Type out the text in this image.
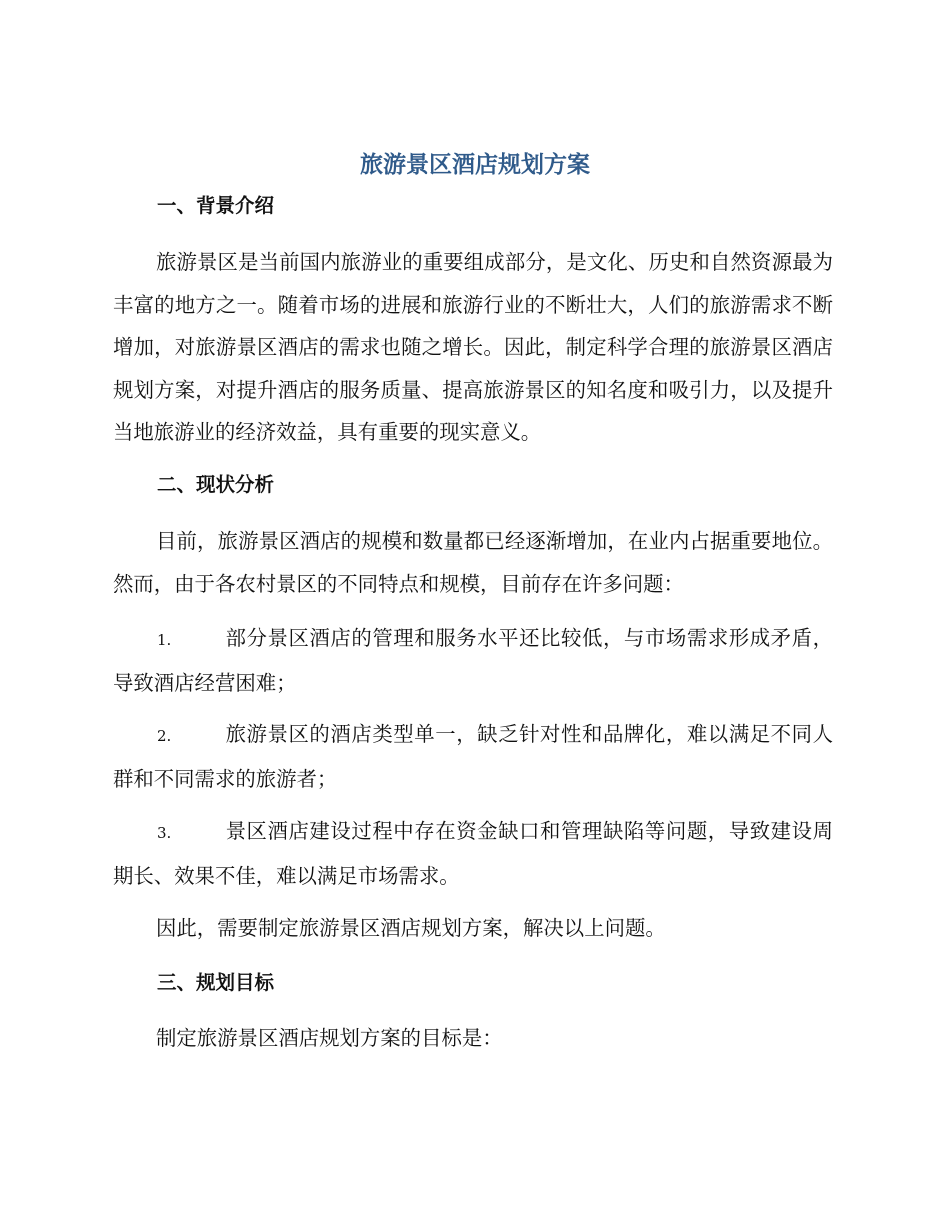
旅游景区酒店规划方案
一、背景介绍

旅游景区是当前国内旅游业的重要组成部分，是文化、历史和自然资源最为丰富的地方之一。随着市场的进展和旅游行业的不断壮大，人们的旅游需求不断增加，对旅游景区酒店的需求也随之增长。因此，制定科学合理的旅游景区酒店规划方案，对提升酒店的服务质量、提高旅游景区的知名度和吸引力，以及提升当地旅游业的经济效益，具有重要的现实意义。

二、现状分析

目前，旅游景区酒店的规模和数量都已经逐渐增加，在业内占据重要地位。然而，由于各农村景区的不同特点和规模，目前存在许多问题：

1.	部分景区酒店的管理和服务水平还比较低，与市场需求形成矛盾，导致酒店经营困难；

2.	旅游景区的酒店类型单一，缺乏针对性和品牌化，难以满足不同人群和不同需求的旅游者；

3.	景区酒店建设过程中存在资金缺口和管理缺陷等问题，导致建设周期长、效果不佳，难以满足市场需求。

因此，需要制定旅游景区酒店规划方案，解决以上问题。

三、规划目标

制定旅游景区酒店规划方案的目标是：
